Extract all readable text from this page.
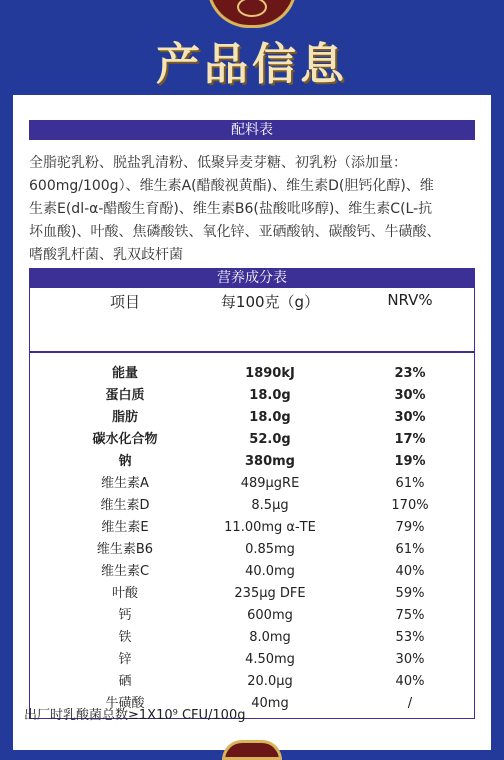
产品信息
配料表

全脂驼乳粉、脱盐乳清粉、低聚异麦芽糖、初乳粉（添加量：
600mg/100g）、维生素A(醋酸视黄酯)、维生素D(胆钙化醇)、维
生素E(dl-α-醋酸生育酚)、维生素B6(盐酸吡哆醇)、维生素C(L-抗
坏血酸)、叶酸、焦磷酸铁、氧化锌、亚硒酸钠、碳酸钙、牛磺酸、
嗜酸乳杆菌、乳双歧杆菌

营养成分表
项目	每100克（g）	NRV%
能量	1890kJ	23%
蛋白质	18.0g	30%
脂肪	18.0g	30%
碳水化合物	52.0g	17%
钠	380mg	19%
维生素A	489μgRE	61%
维生素D	8.5μg	170%
维生素E	11.00mg α-TE	79%
维生素B6	0.85mg	61%
维生素C	40.0mg	40%
叶酸	235μg DFE	59%
钙	600mg	75%
铁	8.0mg	53%
锌	4.50mg	30%
硒	20.0μg	40%
牛磺酸	40mg	/
出厂时乳酸菌总数≥1X10⁹ CFU/100g
